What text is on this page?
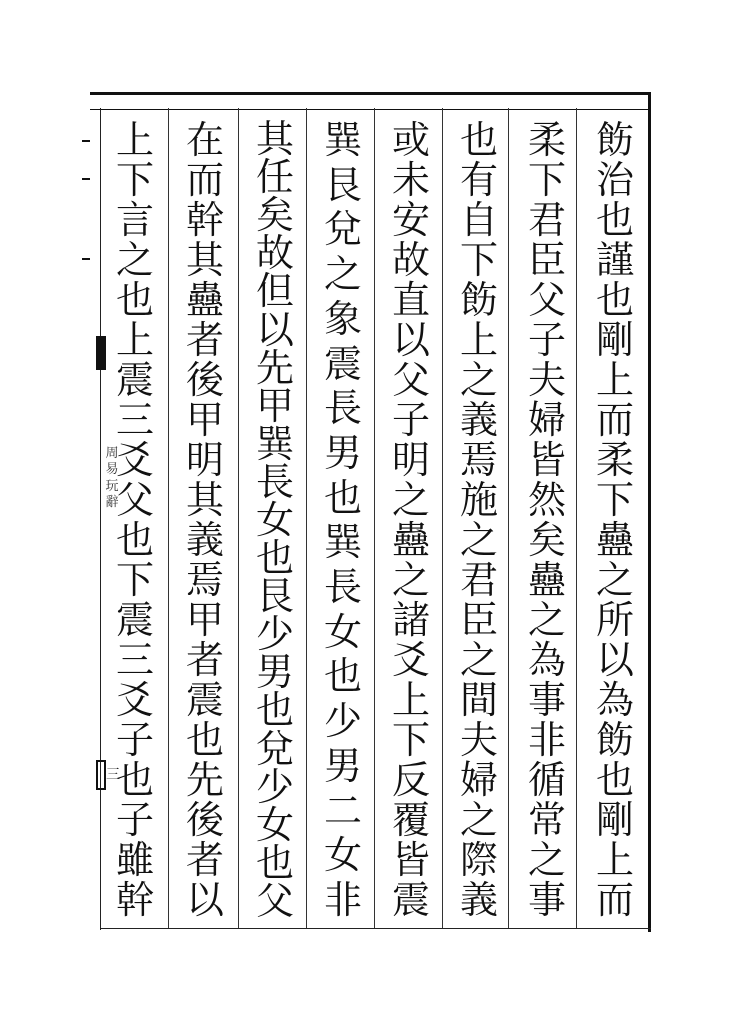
周
易
玩
辭
三
飭
治
也
謹
也
剛
上
而
柔
下
蠱
之
所
以
為
飭
也
剛
上
而
柔
下
君
臣
父
子
夫
婦
皆
然
矣
蠱
之
為
事
非
循
常
之
事
也
有
自
下
飭
上
之
義
焉
施
之
君
臣
之
間
夫
婦
之
際
義
或
未
安
故
直
以
父
子
明
之
蠱
之
諸
爻
上
下
反
覆
皆
震
巽
艮
兌
之
象
震
長
男
也
巽
長
女
也
少
男
二
女
非
其
任
矣
故
但
以
先
甲
巽
長
女
也
艮
少
男
也
兌
少
女
也
父
在
而
幹
其
蠱
者
後
甲
明
其
義
焉
甲
者
震
也
先
後
者
以
上
下
言
之
也
上
震
三
爻
父
也
下
震
三
爻
子
也
子
雖
幹
